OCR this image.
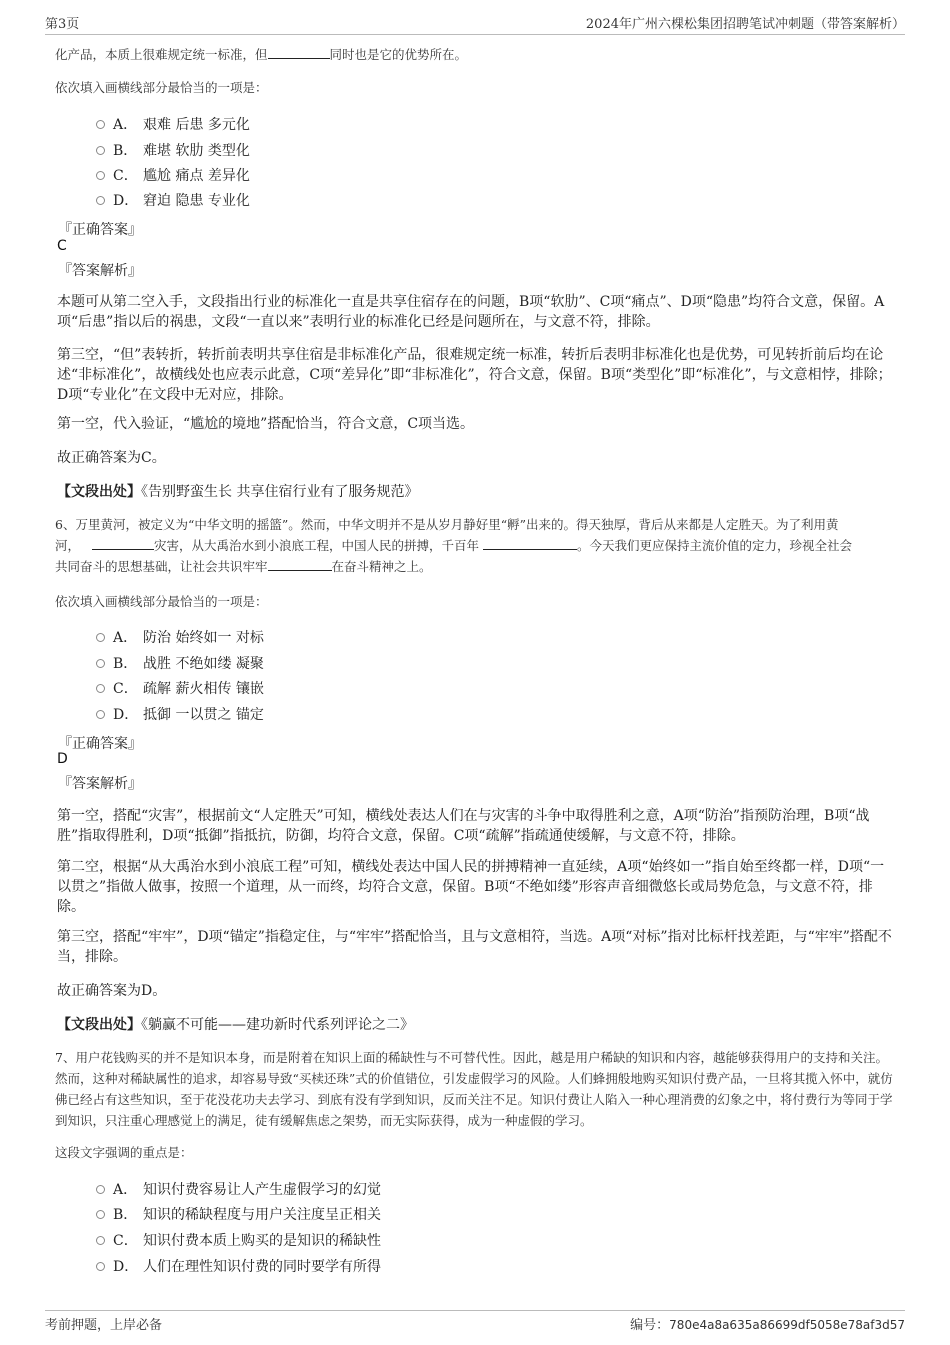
第3页	2024年广州六棵松集团招聘笔试冲刺题（带答案解析）
化产品，本质上很难规定统一标准，但	同时也是它的优势所在。
依次填入画横线部分最恰当的一项是：
A． 艰难 后患 多元化
B． 难堪 软肋 类型化
C． 尴尬 痛点 差异化
D． 窘迫 隐患 专业化
『正确答案』
C
『答案解析』
本题可从第二空入手，文段指出行业的标准化一直是共享住宿存在的问题，B项“软肋”、C项“痛点”、D项“隐患”均符合文意，保留。A项“后患”指以后的祸患，文段“一直以来”表明行业的标准化已经是问题所在，与文意不符，排除。
第三空，“但”表转折，转折前表明共享住宿是非标准化产品，很难规定统一标准，转折后表明非标准化也是优势，可见转折前后均在论述“非标准化”，故横线处也应表示此意，C项“差异化”即“非标准化”，符合文意，保留。B项“类型化”即“标准化”，与文意相悖，排除；D项“专业化”在文段中无对应，排除。
第一空，代入验证，“尴尬的境地”搭配恰当，符合文意，C项当选。
故正确答案为C。
【文段出处】《告别野蛮生长 共享住宿行业有了服务规范》
6、万里黄河，被定义为“中华文明的摇篮”。然而，中华文明并不是从岁月静好里“孵”出来的。得天独厚，背后从来都是人定胜天。为了利用黄
河，	灾害，从大禹治水到小浪底工程，中国人民的拼搏，千百年	。今天我们更应保持主流价值的定力，珍视全社会
共同奋斗的思想基础，让社会共识牢牢	在奋斗精神之上。
依次填入画横线部分最恰当的一项是：
A． 防治 始终如一 对标
B． 战胜 不绝如缕 凝聚
C． 疏解 薪火相传 镶嵌
D． 抵御 一以贯之 锚定
『正确答案』
D
『答案解析』
第一空，搭配“灾害”，根据前文“人定胜天”可知，横线处表达人们在与灾害的斗争中取得胜利之意，A项“防治”指预防治理，B项“战胜”指取得胜利，D项“抵御”指抵抗，防御，均符合文意，保留。C项“疏解”指疏通使缓解，与文意不符，排除。
第二空，根据“从大禹治水到小浪底工程”可知，横线处表达中国人民的拼搏精神一直延续，A项“始终如一”指自始至终都一样，D项“一以贯之”指做人做事，按照一个道理，从一而终，均符合文意，保留。B项“不绝如缕”形容声音细微悠长或局势危急，与文意不符，排除。
第三空，搭配“牢牢”，D项“锚定”指稳定住，与“牢牢”搭配恰当，且与文意相符，当选。A项“对标”指对比标杆找差距，与“牢牢”搭配不当，排除。
故正确答案为D。
【文段出处】《躺赢不可能——建功新时代系列评论之二》
7、用户花钱购买的并不是知识本身，而是附着在知识上面的稀缺性与不可替代性。因此，越是用户稀缺的知识和内容，越能够获得用户的支持和关注。然而，这种对稀缺属性的追求，却容易导致“买椟还珠”式的价值错位，引发虚假学习的风险。人们蜂拥般地购买知识付费产品，一旦将其揽入怀中，就仿佛已经占有这些知识，至于花没花功夫去学习、到底有没有学到知识，反而关注不足。知识付费让人陷入一种心理消费的幻象之中，将付费行为等同于学到知识，只注重心理感觉上的满足，徒有缓解焦虑之架势，而无实际获得，成为一种虚假的学习。
这段文字强调的重点是：
A． 知识付费容易让人产生虚假学习的幻觉
B． 知识的稀缺程度与用户关注度呈正相关
C． 知识付费本质上购买的是知识的稀缺性
D． 人们在理性知识付费的同时要学有所得
考前押题，上岸必备	编号：780e4a8a635a86699df5058e78af3d57
